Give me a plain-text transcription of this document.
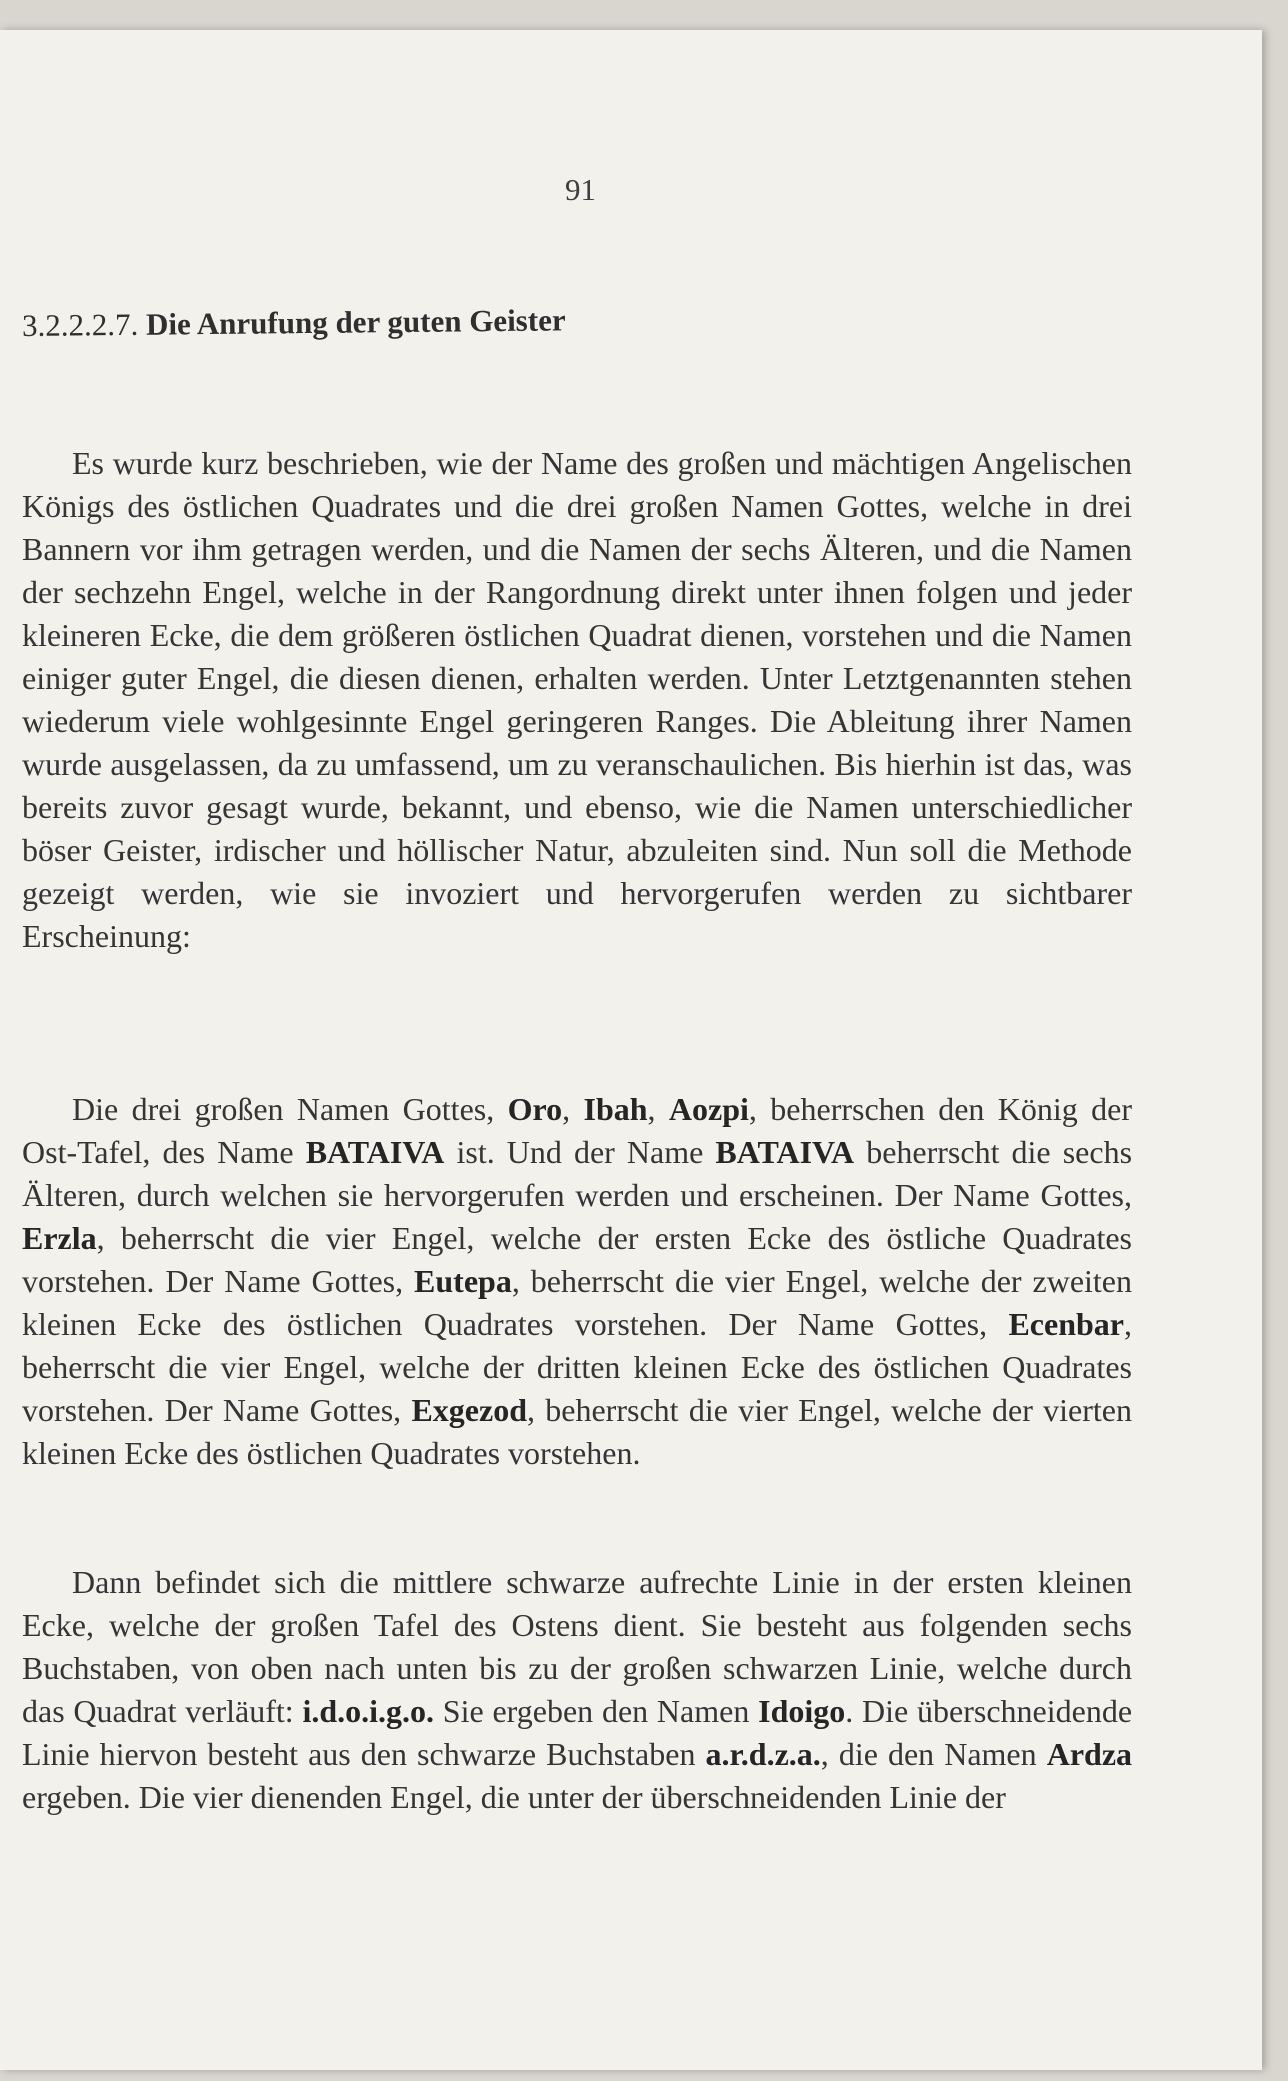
91
3.2.2.2.7. Die Anrufung der guten Geister

Es wurde kurz beschrieben, wie der Name des großen und mächtigen Angelischen Königs des östlichen Quadrates und die drei großen Namen Gottes, welche in drei Bannern vor ihm getragen werden, und die Namen der sechs Älteren, und die Namen der sechzehn Engel, welche in der Rangordnung direkt unter ihnen folgen und jeder kleineren Ecke, die dem größeren östlichen Quadrat dienen, vorstehen und die Namen einiger guter Engel, die diesen dienen, erhalten werden. Unter Letztgenannten stehen wiederum viele wohlgesinnte Engel geringeren Ranges. Die Ableitung ihrer Namen wurde ausgelassen, da zu umfassend, um zu veranschaulichen. Bis hierhin ist das, was bereits zuvor gesagt wurde, bekannt, und ebenso, wie die Namen unterschiedlicher böser Geister, irdischer und höllischer Natur, abzuleiten sind. Nun soll die Methode gezeigt werden, wie sie invoziert und hervorgerufen werden zu sichtbarer Erscheinung:

Die drei großen Namen Gottes, Oro, Ibah, Aozpi, beherrschen den König der Ost-Tafel, des Name BATAIVA ist. Und der Name BATAIVA beherrscht die sechs Älteren, durch welchen sie hervorgerufen werden und erscheinen. Der Name Gottes, Erzla, beherrscht die vier Engel, welche der ersten Ecke des östliche Quadrates vorstehen. Der Name Gottes, Eutepa, beherrscht die vier Engel, welche der zweiten kleinen Ecke des östlichen Quadrates vorstehen. Der Name Gottes, Ecenbar, beherrscht die vier Engel, welche der dritten kleinen Ecke des östlichen Quadrates vorstehen. Der Name Gottes, Exgezod, beherrscht die vier Engel, welche der vierten kleinen Ecke des östlichen Quadrates vorstehen.

Dann befindet sich die mittlere schwarze aufrechte Linie in der ersten kleinen Ecke, welche der großen Tafel des Ostens dient. Sie besteht aus folgenden sechs Buchstaben, von oben nach unten bis zu der großen schwarzen Linie, welche durch das Quadrat verläuft: i.d.o.i.g.o. Sie ergeben den Namen Idoigo. Die überschneidende Linie hiervon besteht aus den schwarze Buchstaben a.r.d.z.a., die den Namen Ardza ergeben. Die vier dienenden Engel, die unter der überschneidenden Linie der
